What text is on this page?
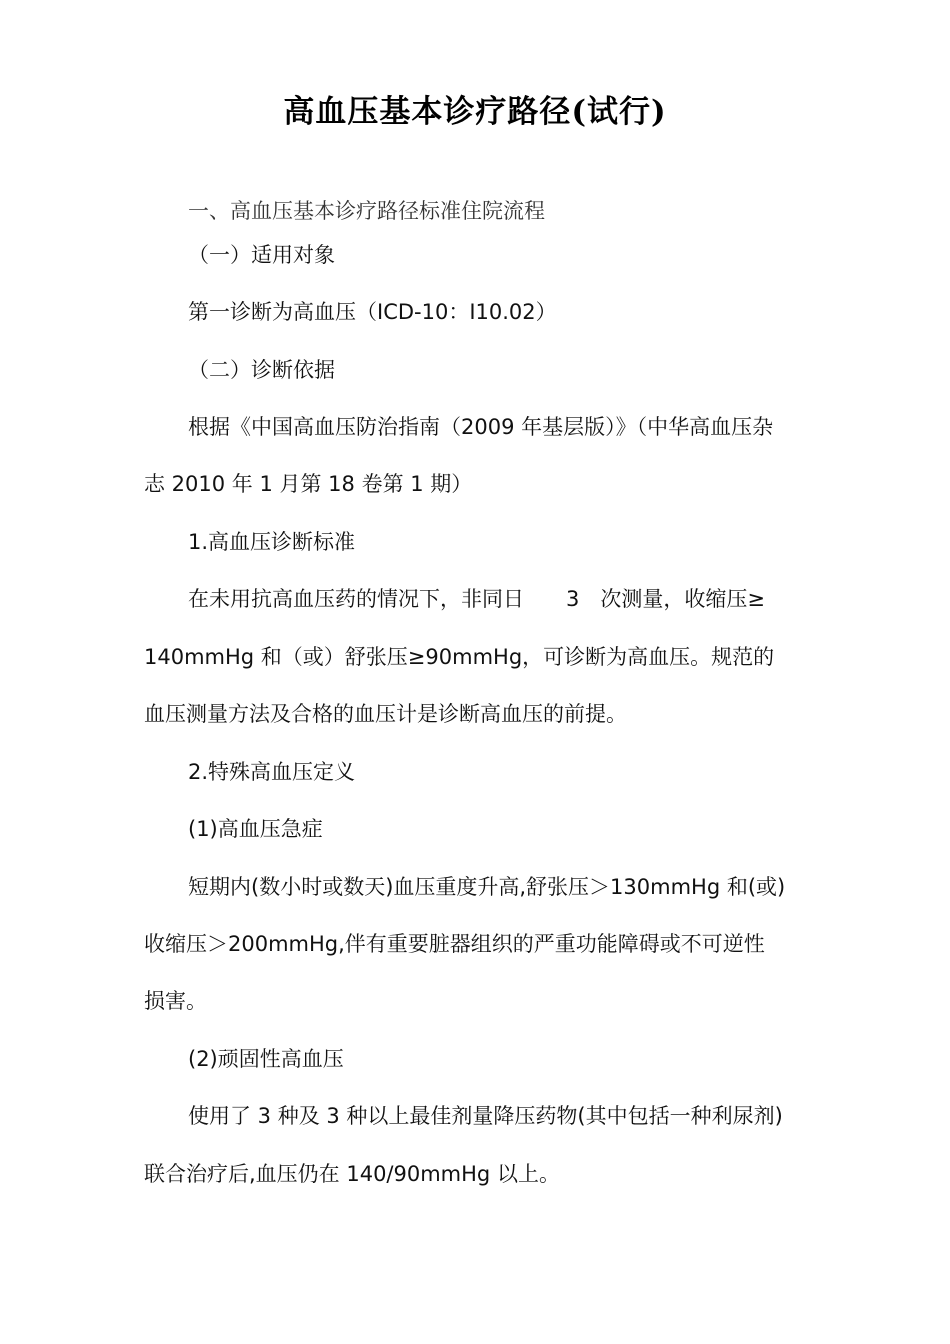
高血压基本诊疗路径(试行)
一、高血压基本诊疗路径标准住院流程
（一）适用对象
第一诊断为高血压（ICD-10：I10.02）
（二）诊断依据
根据《中国高血压防治指南（2009 年基层版）》（中华高血压杂
志 2010 年 1 月第 18 卷第 1 期）
1.高血压诊断标准
在未用抗高血压药的情况下，非同日　　3　次测量，收缩压≥
140mmHg 和（或）舒张压≥90mmHg，可诊断为高血压。规范的
血压测量方法及合格的血压计是诊断高血压的前提。
2.特殊高血压定义
(1)高血压急症
短期内(数小时或数天)血压重度升高,舒张压＞130mmHg 和(或)
收缩压＞200mmHg,伴有重要脏器组织的严重功能障碍或不可逆性
损害。
(2)顽固性高血压
使用了 3 种及 3 种以上最佳剂量降压药物(其中包括一种利尿剂)
联合治疗后,血压仍在 140/90mmHg 以上。
